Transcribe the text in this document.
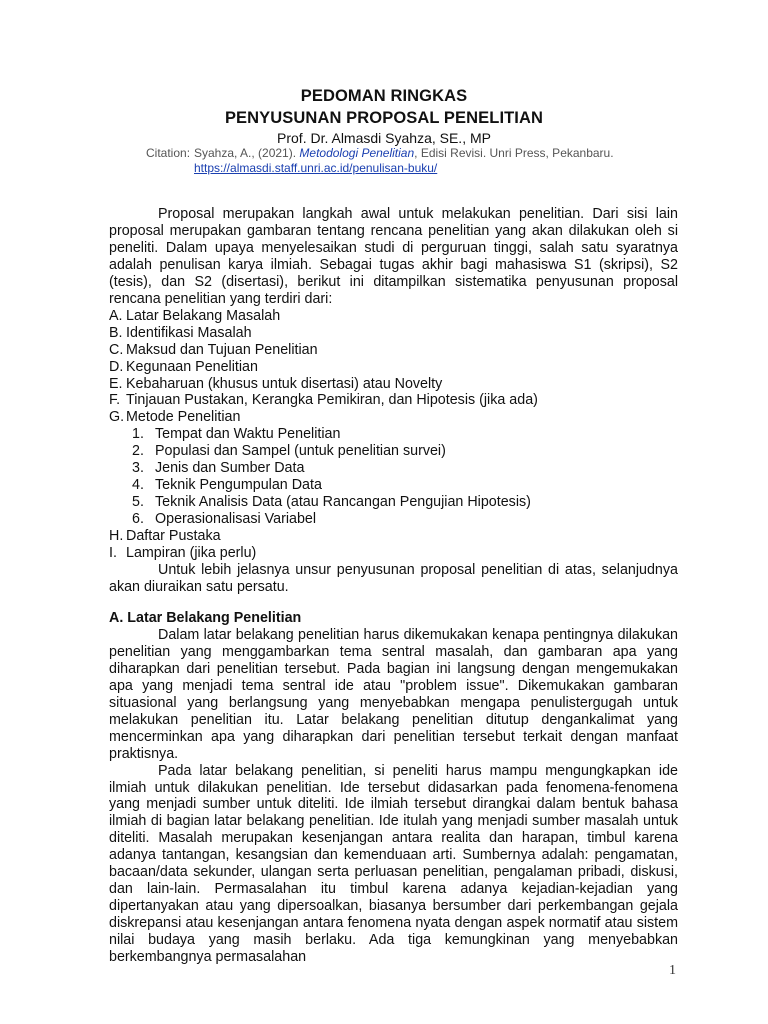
PEDOMAN RINGKAS
PENYUSUNAN PROPOSAL PENELITIAN
Prof. Dr. Almasdi Syahza, SE., MP
Citation: Syahza, A., (2021). Metodologi Penelitian, Edisi Revisi. Unri Press, Pekanbaru.
https://almasdi.staff.unri.ac.id/penulisan-buku/

Proposal merupakan langkah awal untuk melakukan penelitian. Dari sisi lain proposal merupakan gambaran tentang rencana penelitian yang akan dilakukan oleh si peneliti. Dalam upaya menyelesaikan studi di perguruan tinggi, salah satu syaratnya adalah penulisan karya ilmiah. Sebagai tugas akhir bagi mahasiswa S1 (skripsi), S2 (tesis), dan S2 (disertasi), berikut ini ditampilkan sistematika penyusunan proposal rencana penelitian yang terdiri dari:

A. Latar Belakang Masalah
B. Identifikasi Masalah
C. Maksud dan Tujuan Penelitian
D. Kegunaan Penelitian
E. Kebaharuan (khusus untuk disertasi) atau Novelty
F. Tinjauan Pustakan, Kerangka Pemikiran, dan Hipotesis (jika ada)
G. Metode Penelitian
1. Tempat dan Waktu Penelitian
2. Populasi dan Sampel (untuk penelitian survei)
3. Jenis dan Sumber Data
4. Teknik Pengumpulan Data
5. Teknik Analisis Data (atau Rancangan Pengujian Hipotesis)
6. Operasionalisasi Variabel
H. Daftar Pustaka
I. Lampiran (jika perlu)

Untuk lebih jelasnya unsur penyusunan proposal penelitian di atas, selanjudnya akan diuraikan satu persatu.

A. Latar Belakang Penelitian

Dalam latar belakang penelitian harus dikemukakan kenapa pentingnya dilakukan penelitian yang menggambarkan tema sentral masalah, dan gambaran apa yang diharapkan dari penelitian tersebut. Pada bagian ini langsung dengan mengemukakan apa yang menjadi tema sentral ide atau "problem issue". Dikemukakan gambaran situasional yang berlangsung yang menyebabkan mengapa penulistergugah untuk melakukan penelitian itu. Latar belakang penelitian ditutup dengankalimat yang mencerminkan apa yang diharapkan dari penelitian tersebut terkait dengan manfaat praktisnya.

Pada latar belakang penelitian, si peneliti harus mampu mengungkapkan ide ilmiah untuk dilakukan penelitian. Ide tersebut didasarkan pada fenomena-fenomena yang menjadi sumber untuk diteliti. Ide ilmiah tersebut dirangkai dalam bentuk bahasa ilmiah di bagian latar belakang penelitian. Ide itulah yang menjadi sumber masalah untuk diteliti. Masalah merupakan kesenjangan antara realita dan harapan, timbul karena adanya tantangan, kesangsian dan kemenduaan arti. Sumbernya adalah: pengamatan, bacaan/data sekunder, ulangan serta perluasan penelitian, pengalaman pribadi, diskusi, dan lain-lain. Permasalahan itu timbul karena adanya kejadian-kejadian yang dipertanyakan atau yang dipersoalkan, biasanya bersumber dari perkembangan gejala diskrepansi atau kesenjangan antara fenomena nyata dengan aspek normatif atau sistem nilai budaya yang masih berlaku. Ada tiga kemungkinan yang menyebabkan berkembangnya permasalahan

1
